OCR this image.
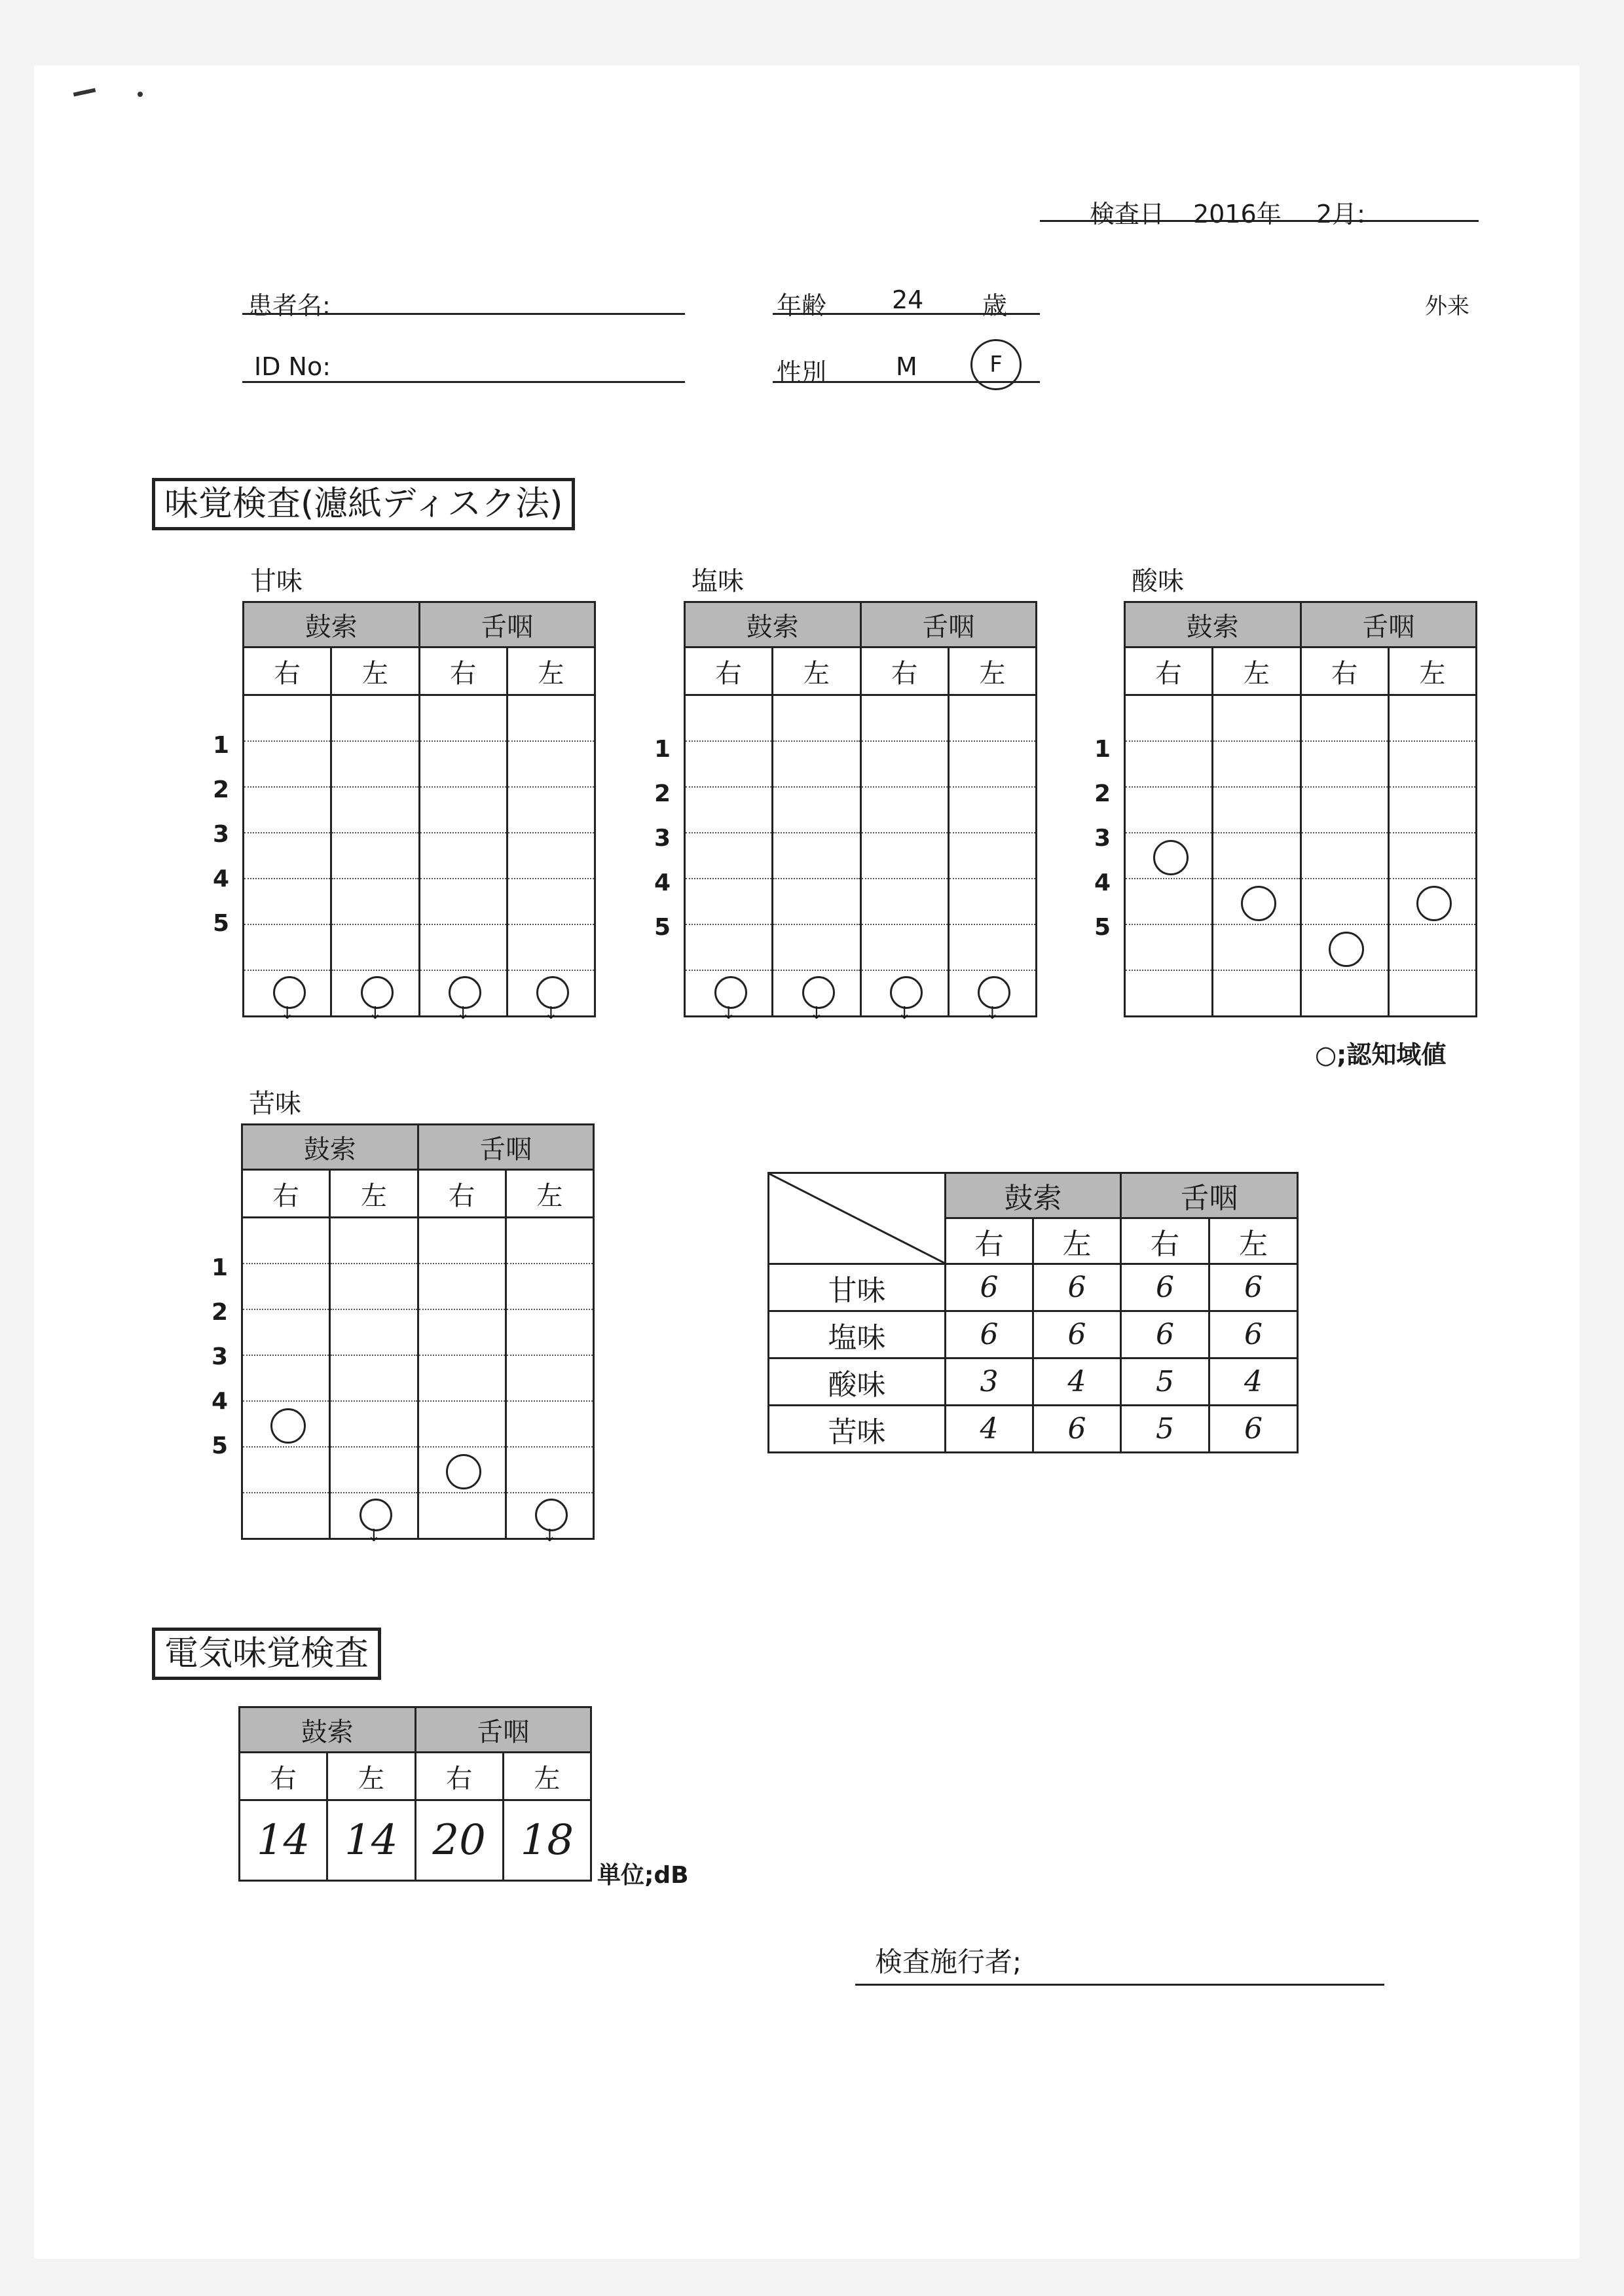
検査日 2016年 2月:
患者名:	年齢	24 歳	外来
ID No:	性別	M	F
味覚検査(濾紙ディスク法)
甘味
1
2
3
4
5
鼓索		舌咽	
右	左	右	左

↓	↓	↓	↓
塩味
1
2
3
4
5
鼓索		舌咽	
右	左	右	左

↓	↓	↓	↓
酸味
1
2
3
4
5
鼓索		舌咽	
右	左	右	左

○;認知域値
苦味
1
2
3
4
5
鼓索		舌咽	
右	左	右	左

	↓		↓
	鼓索		舌咽	
	右	左	右	左
甘味	6	6	6	6
塩味	6	6	6	6
酸味	3	4	5	4
苦味	4	6	5	6
電気味覚検査
鼓索		舌咽	
右	左	右	左
14	14	20	18
単位;dB
検査施行者;
